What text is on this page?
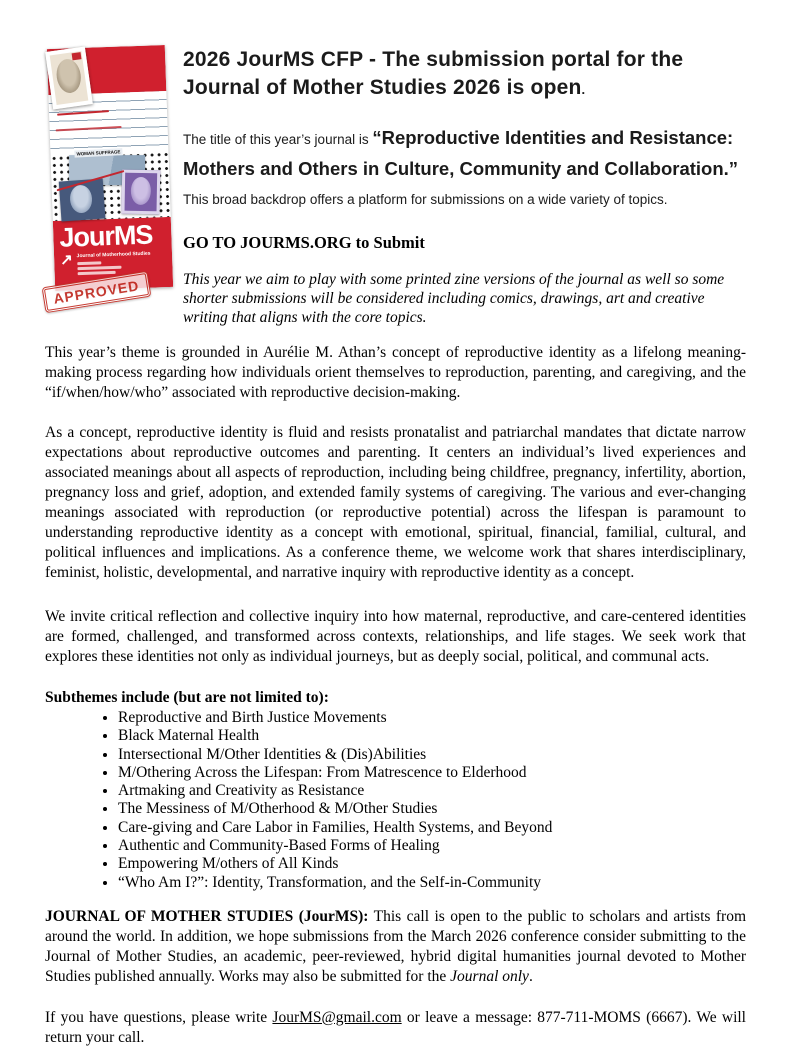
WOMAN SUFFRAGE
JourMS
↗ Journal of Motherhood Studies
APPROVED
2026 JourMS CFP - The submission portal for the Journal of Mother Studies 2026 is open.
The title of this year’s journal is “Reproductive Identities and Resistance: Mothers and Others in Culture, Community and Collaboration.” This broad backdrop offers a platform for submissions on a wide variety of topics.
GO TO JOURMS.ORG to Submit
This year we aim to play with some printed zine versions of the journal as well so some shorter submissions will be considered including comics, drawings, art and creative writing that aligns with the core topics.

This year’s theme is grounded in Aurélie M. Athan’s concept of reproductive identity as a lifelong meaning-making process regarding how individuals orient themselves to reproduction, parenting, and caregiving, and the “if/when/how/who” associated with reproductive decision-making.

As a concept, reproductive identity is fluid and resists pronatalist and patriarchal mandates that dictate narrow expectations about reproductive outcomes and parenting. It centers an individual’s lived experiences and associated meanings about all aspects of reproduction, including being childfree, pregnancy, infertility, abortion, pregnancy loss and grief, adoption, and extended family systems of caregiving. The various and ever-changing meanings associated with reproduction (or reproductive potential) across the lifespan is paramount to understanding reproductive identity as a concept with emotional, spiritual, financial, familial, cultural, and political influences and implications. As a conference theme, we welcome work that shares interdisciplinary, feminist, holistic, developmental, and narrative inquiry with reproductive identity as a concept.

We invite critical reflection and collective inquiry into how maternal, reproductive, and care-centered identities are formed, challenged, and transformed across contexts, relationships, and life stages. We seek work that explores these identities not only as individual journeys, but as deeply social, political, and communal acts.

Subthemes include (but are not limited to):

• Reproductive and Birth Justice Movements
• Black Maternal Health
• Intersectional M/Other Identities & (Dis)Abilities
• M/Othering Across the Lifespan: From Matrescence to Elderhood
• Artmaking and Creativity as Resistance
• The Messiness of M/Otherhood & M/Other Studies
• Care-giving and Care Labor in Families, Health Systems, and Beyond
• Authentic and Community-Based Forms of Healing
• Empowering M/others of All Kinds
• “Who Am I?”: Identity, Transformation, and the Self-in-Community

JOURNAL OF MOTHER STUDIES (JourMS): This call is open to the public to scholars and artists from around the world. In addition, we hope submissions from the March 2026 conference consider submitting to the Journal of Mother Studies, an academic, peer-reviewed, hybrid digital humanities journal devoted to Mother Studies published annually. Works may also be submitted for the Journal only.

If you have questions, please write JourMS@gmail.com or leave a message: 877-711-MOMS (6667). We will return your call.
